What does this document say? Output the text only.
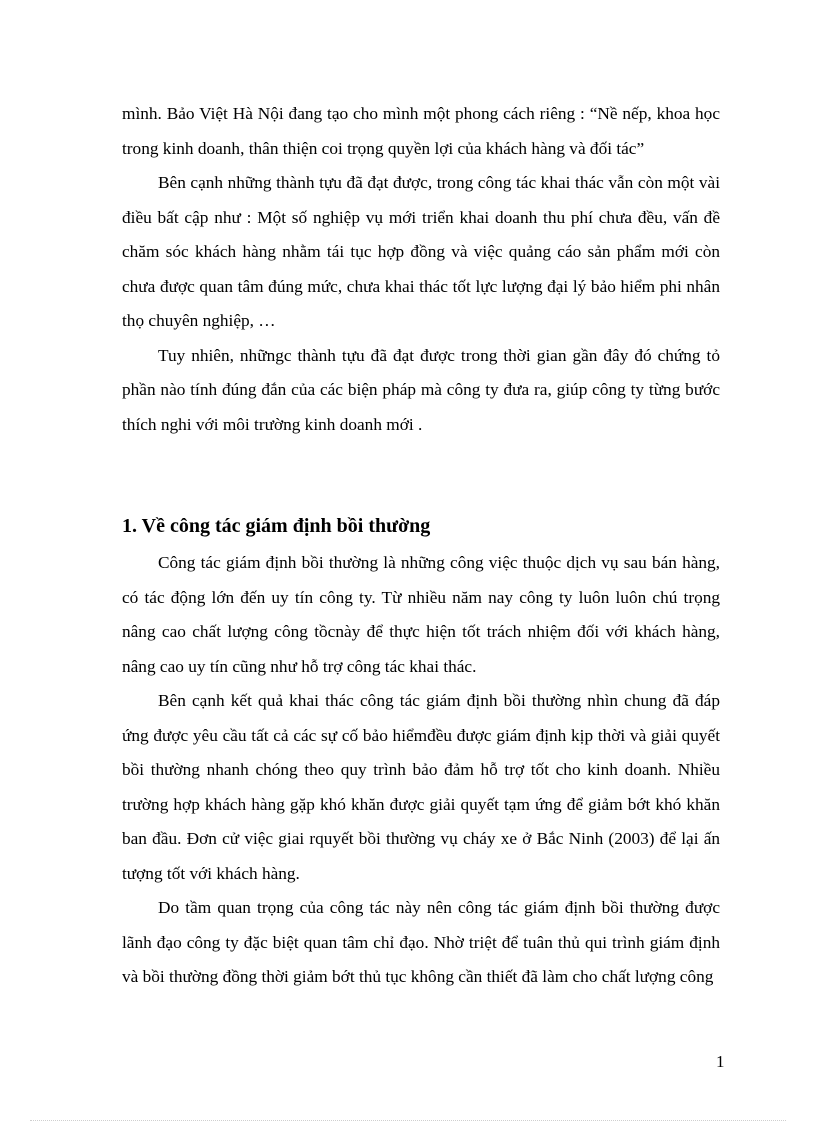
mình. Bảo Việt Hà Nội đang tạo cho mình một phong cách riêng : “Nề nếp, khoa học trong kinh doanh, thân thiện coi trọng quyền lợi của khách hàng và đối tác”

Bên cạnh những thành tựu đã đạt được, trong công tác khai thác vẫn còn một vài điều bất cập như : Một số nghiệp vụ mới triển khai doanh thu phí chưa đều, vấn đề chăm sóc khách hàng nhằm tái tục hợp đồng và việc quảng cáo sản phẩm mới còn chưa được quan tâm đúng mức, chưa khai thác tốt lực lượng đại lý bảo hiểm phi nhân thọ chuyên nghiệp, …

Tuy nhiên, nhữngc thành tựu đã đạt được trong thời gian gần đây đó chứng tỏ phần nào tính đúng đắn của các biện pháp mà công ty đưa ra, giúp công ty từng bước thích nghi với môi trường kinh doanh mới .

1. Về công tác giám định bồi thường

Công tác giám định bồi thường là những công việc thuộc dịch vụ sau bán hàng, có tác động lớn đến uy tín công ty. Từ nhiều năm nay công ty luôn luôn chú trọng nâng cao chất lượng công tồcnày để thực hiện tốt trách nhiệm đối với khách hàng, nâng cao uy tín cũng như hỗ trợ công tác khai thác.

Bên cạnh kết quả khai thác công tác giám định bồi thường nhìn chung đã đáp ứng được yêu cầu tất cả các sự cố bảo hiểmđều được giám định kịp thời và giải quyết bồi thường nhanh chóng theo quy trình bảo đảm hỗ trợ tốt cho kinh doanh. Nhiều trường hợp khách hàng gặp khó khăn được giải quyết tạm ứng để giảm bớt khó khăn ban đầu. Đơn cử việc giai rquyết bồi thường vụ cháy xe ở Bắc Ninh (2003) để lại ấn tượng tốt với khách hàng.

Do tầm quan trọng của công tác này nên công tác giám định bồi thường được lãnh đạo công ty đặc biệt quan tâm chỉ đạo. Nhờ triệt để tuân thủ qui trình giám định và bồi thường đồng thời giảm bớt thủ tục không cần thiết đã làm cho chất lượng công

1
